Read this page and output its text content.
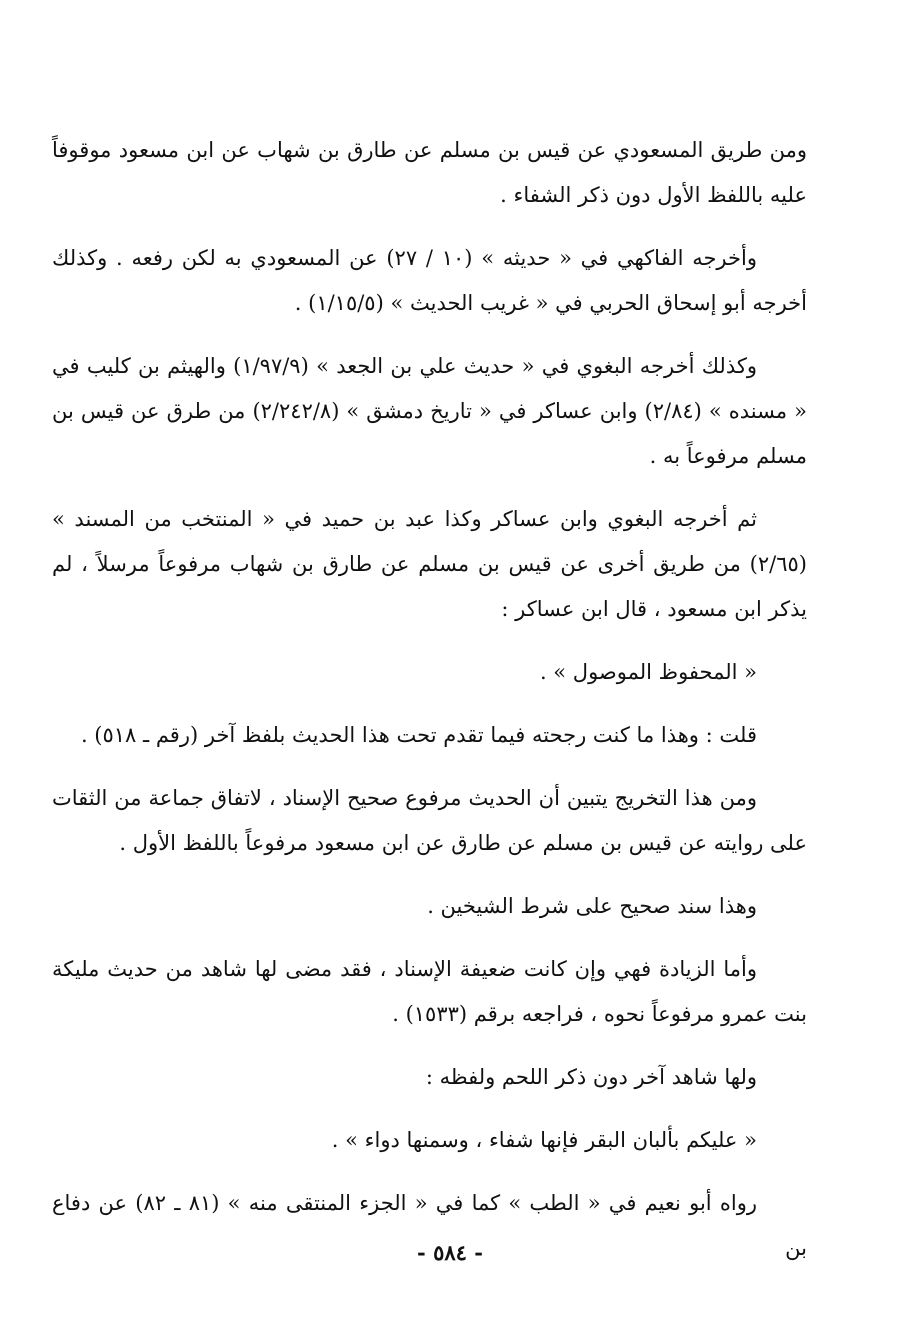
ومن طريق المسعودي عن قيس بن مسلم عن طارق بن شهاب عن ابن مسعود موقوفاً عليه باللفظ الأول دون ذكر الشفاء .

وأخرجه الفاكهي في « حديثه » (١٠ / ٢٧) عن المسعودي به لكن رفعه . وكذلك أخرجه أبو إسحاق الحربي في « غريب الحديث » (١/١٥/٥) .

وكذلك أخرجه البغوي في « حديث علي بن الجعد » (١/٩٧/٩) والهيثم بن كليب في « مسنده » (٢/٨٤) وابن عساكر في « تاريخ دمشق » (٢/٢٤٢/٨) من طرق عن قيس بن مسلم مرفوعاً به .

ثم أخرجه البغوي وابن عساكر وكذا عبد بن حميد في « المنتخب من المسند » (٢/٦٥) من طريق أخرى عن قيس بن مسلم عن طارق بن شهاب مرفوعاً مرسلاً ، لم يذكر ابن مسعود ، قال ابن عساكر :

« المحفوظ الموصول » .

قلت : وهذا ما كنت رجحته فيما تقدم تحت هذا الحديث بلفظ آخر (رقم ـ ٥١٨) .

ومن هذا التخريج يتبين أن الحديث مرفوع صحيح الإسناد ، لاتفاق جماعة من الثقات على روايته عن قيس بن مسلم عن طارق عن ابن مسعود مرفوعاً باللفظ الأول .

وهذا سند صحيح على شرط الشيخين .

وأما الزيادة فهي وإن كانت ضعيفة الإسناد ، فقد مضى لها شاهد من حديث مليكة بنت عمرو مرفوعاً نحوه ، فراجعه برقم (١٥٣٣) .

ولها شاهد آخر دون ذكر اللحم ولفظه :

« عليكم بألبان البقر فإنها شفاء ، وسمنها دواء » .

رواه أبو نعيم في « الطب » كما في « الجزء المنتقى منه » (٨١ ـ ٨٢) عن دفاع بن

- ٥٨٤ -
